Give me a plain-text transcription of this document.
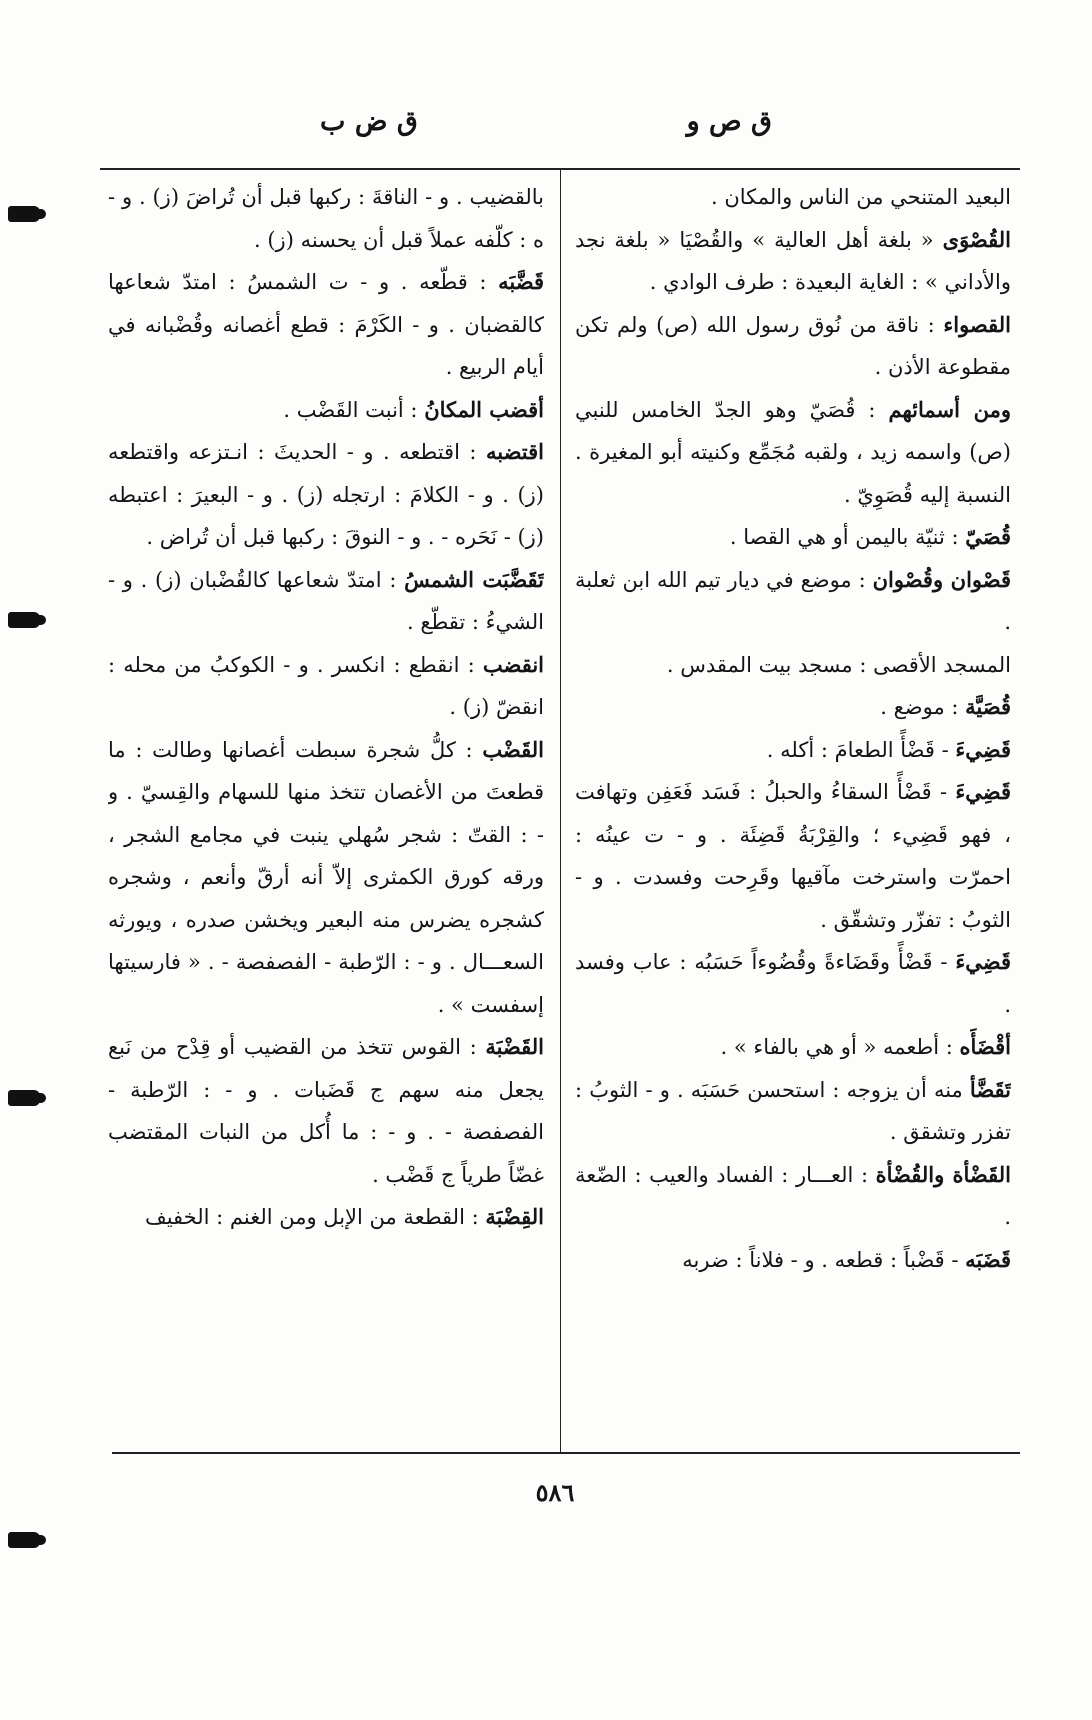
ق ص و
ق ض ب

البعيد المتنحي من الناس والمكان .

القُصْوَى « بلغة أهل العالية » والقُصْيَا « بلغة نجد والأداني » : الغاية البعيدة : طرف الوادي .

القصواء : ناقة من نُوق رسول الله (ص) ولم تكن مقطوعة الأذن .

ومن أسمائهم : قُصَيّ وهو الجدّ الخامس للنبي (ص) واسمه زيد ، ولقبه مُجَمِّع وكنيته أبو المغيرة . النسبة إليه قُصَوِيّ .

قُصَيّ : ثنيّة باليمن أو هي القصا .

قَصْوان وقُصْوان : موضع في ديار تيم الله ابن ثعلبة .

المسجد الأقصى : مسجد بيت المقدس .

قُصَيَّة : موضع .

قَضِيءَ - قَضْأً الطعامَ : أكله .

قَضِيءَ - قَضْأً السقاءُ والحبلُ : فَسَد فَعَفِن وتهافت ، فهو قَضِيء ؛ والقِرْبَةُ قَضِئَة . و - ت عينُه : احمرّت واسترخت مآقيها وقَرِحت وفسدت . و - الثوبُ : تفزّر وتشقّق .

قَضِيءَ - قَضْأً وقَضَاءةً وقُضُوءاً حَسَبُه : عاب وفسد .

أقْضَأَه : أطعمه « أو هي بالفاء » .

تَقَضَّأ منه أن يزوجه : استحسن حَسَبَه . و - الثوبُ : تفزر وتشقق .

القَضْأة والقُضْأة : العـــار : الفساد والعيب : الضّعة .

قَضَبَه - قَضْباً : قطعه . و - فلاناً : ضربه

بالقضيب . و - الناقةَ : ركبها قبل أن تُراضَ (ز) . و - ه : كلّفه عملاً قبل أن يحسنه (ز) .

قَضَّبَه : قطّعه . و - ت الشمسُ : امتدّ شعاعها كالقضبان . و - الكَرْمَ : قطع أغصانه وقُضْبانه في أيام الربيع .

أقضب المكانُ : أنبت القَضْب .

اقتضبه : اقتطعه . و - الحديثَ : انـتزعه واقتطعه (ز) . و - الكلامَ : ارتجله (ز) . و - البعيرَ : اعتبطه (ز) - نَحَره - . و - النوقَ : ركبها قبل أن تُراض .

تَقَضَّبَت الشمسُ : امتدّ شعاعها كالقُضْبان (ز) . و - الشيءُ : تقطّع .

انقضب : انقطع : انكسر . و - الكوكبُ من محله : انقضّ (ز) .

القَضْب : كلُّ شجرة سبطت أغصانها وطالت : ما قطعتَ من الأغصان تتخذ منها للسهام والقِسيّ . و - : القتّ : شجر سُهلي ينبت في مجامع الشجر ، ورقه كورق الكمثرى إلاّ أنه أرقّ وأنعم ، وشجره كشجره يضرس منه البعير ويخشن صدره ، ويورثه السعـــال . و - : الرّطبة - الفصفصة - . « فارسيتها إسفست » .

القَضْبَة : القوس تتخذ من القضيب أو قِدْح من نَبع يجعل منه سهم ج قَضَبات . و - : الرّطبة - الفصفصة - . و - : ما أُكل من النبات المقتضب غضّاً طرياً ج قَضْب .

القِضْبَة : القطعة من الإبل ومن الغنم : الخفيف

٥٨٦
